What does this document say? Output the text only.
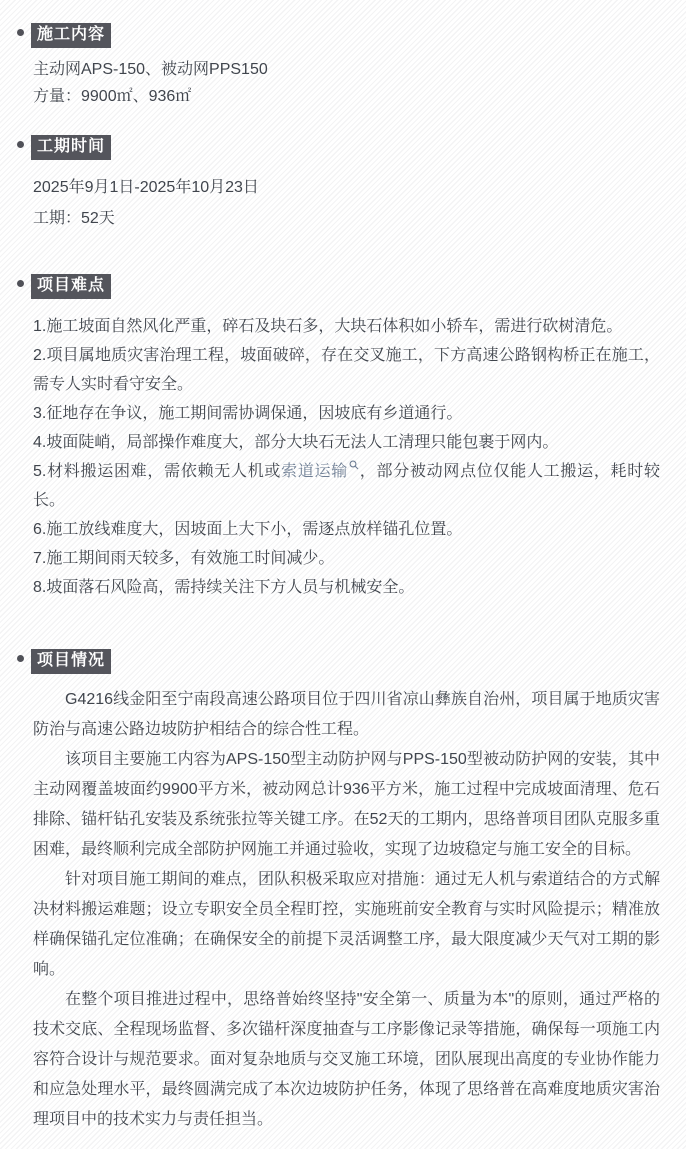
施工内容
主动网APS-150、被动网PPS150
方量：9900㎡、936㎡
工期时间
2025年9月1日-2025年10月23日
工期：52天
项目难点
1.施工坡面自然风化严重，碎石及块石多，大块石体积如小轿车，需进行砍树清危。
2.项目属地质灾害治理工程，坡面破碎，存在交叉施工，下方高速公路钢构桥正在施工，需专人实时看守安全。
3.征地存在争议，施工期间需协调保通，因坡底有乡道通行。
4.坡面陡峭，局部操作难度大，部分大块石无法人工清理只能包裹于网内。
5.材料搬运困难，需依赖无人机或索道运输 ，部分被动网点位仅能人工搬运，耗时较长。
6.施工放线难度大，因坡面上大下小，需逐点放样锚孔位置。
7.施工期间雨天较多，有效施工时间减少。
8.坡面落石风险高，需持续关注下方人员与机械安全。
项目情况

G4216线金阳至宁南段高速公路项目位于四川省凉山彝族自治州，项目属于地质灾害防治与高速公路边坡防护相结合的综合性工程。

该项目主要施工内容为APS-150型主动防护网与PPS-150型被动防护网的安装，其中主动网覆盖坡面约9900平方米，被动网总计936平方米，施工过程中完成坡面清理、危石排除、锚杆钻孔安装及系统张拉等关键工序。在52天的工期内，思络普项目团队克服多重困难，最终顺利完成全部防护网施工并通过验收，实现了边坡稳定与施工安全的目标。

针对项目施工期间的难点，团队积极采取应对措施：通过无人机与索道结合的方式解决材料搬运难题；设立专职安全员全程盯控，实施班前安全教育与实时风险提示；精准放样确保锚孔定位准确；在确保安全的前提下灵活调整工序，最大限度减少天气对工期的影响。

在整个项目推进过程中，思络普始终坚持"安全第一、质量为本"的原则，通过严格的技术交底、全程现场监督、多次锚杆深度抽查与工序影像记录等措施，确保每一项施工内容符合设计与规范要求。面对复杂地质与交叉施工环境，团队展现出高度的专业协作能力和应急处理水平，最终圆满完成了本次边坡防护任务，体现了思络普在高难度地质灾害治理项目中的技术实力与责任担当。
